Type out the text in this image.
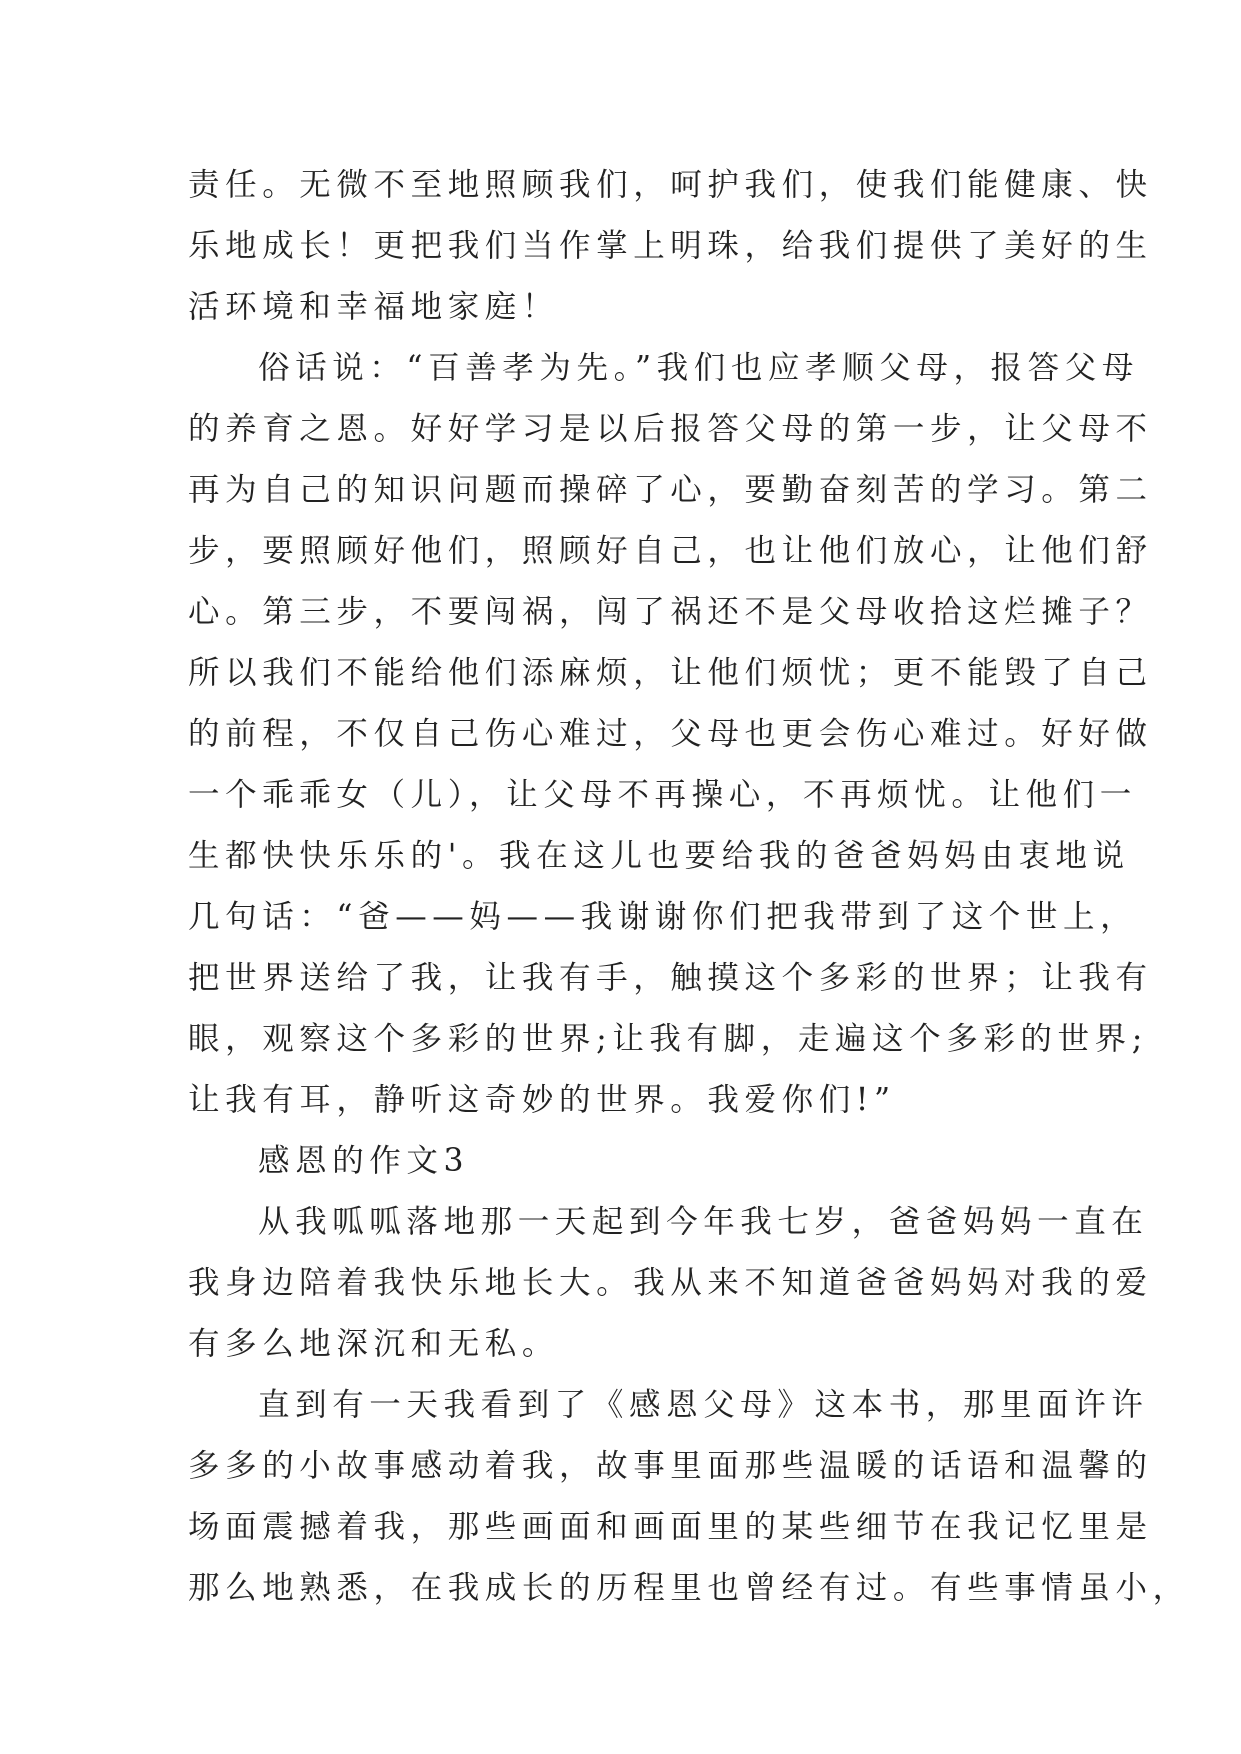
责任。无微不至地照顾我们，呵护我们，使我们能健康、快
乐地成长！更把我们当作掌上明珠，给我们提供了美好的生
活环境和幸福地家庭！
俗话说：“百善孝为先。”我们也应孝顺父母，报答父母
的养育之恩。好好学习是以后报答父母的第一步，让父母不
再为自己的知识问题而操碎了心，要勤奋刻苦的学习。第二
步，要照顾好他们，照顾好自己，也让他们放心，让他们舒
心。第三步，不要闯祸，闯了祸还不是父母收拾这烂摊子？
所以我们不能给他们添麻烦，让他们烦忧；更不能毁了自己
的前程，不仅自己伤心难过，父母也更会伤心难过。好好做
一个乖乖女（儿），让父母不再操心，不再烦忧。让他们一
生都快快乐乐的'。我在这儿也要给我的爸爸妈妈由衷地说
几句话：“爸——妈——我谢谢你们把我带到了这个世上，
把世界送给了我，让我有手，触摸这个多彩的世界；让我有
眼，观察这个多彩的世界;让我有脚，走遍这个多彩的世界;
让我有耳，静听这奇妙的世界。我爱你们!”
感恩的作文3
从我呱呱落地那一天起到今年我七岁，爸爸妈妈一直在
我身边陪着我快乐地长大。我从来不知道爸爸妈妈对我的爱
有多么地深沉和无私。
直到有一天我看到了《感恩父母》这本书，那里面许许
多多的小故事感动着我，故事里面那些温暖的话语和温馨的
场面震撼着我，那些画面和画面里的某些细节在我记忆里是
那么地熟悉，在我成长的历程里也曾经有过。有些事情虽小，
